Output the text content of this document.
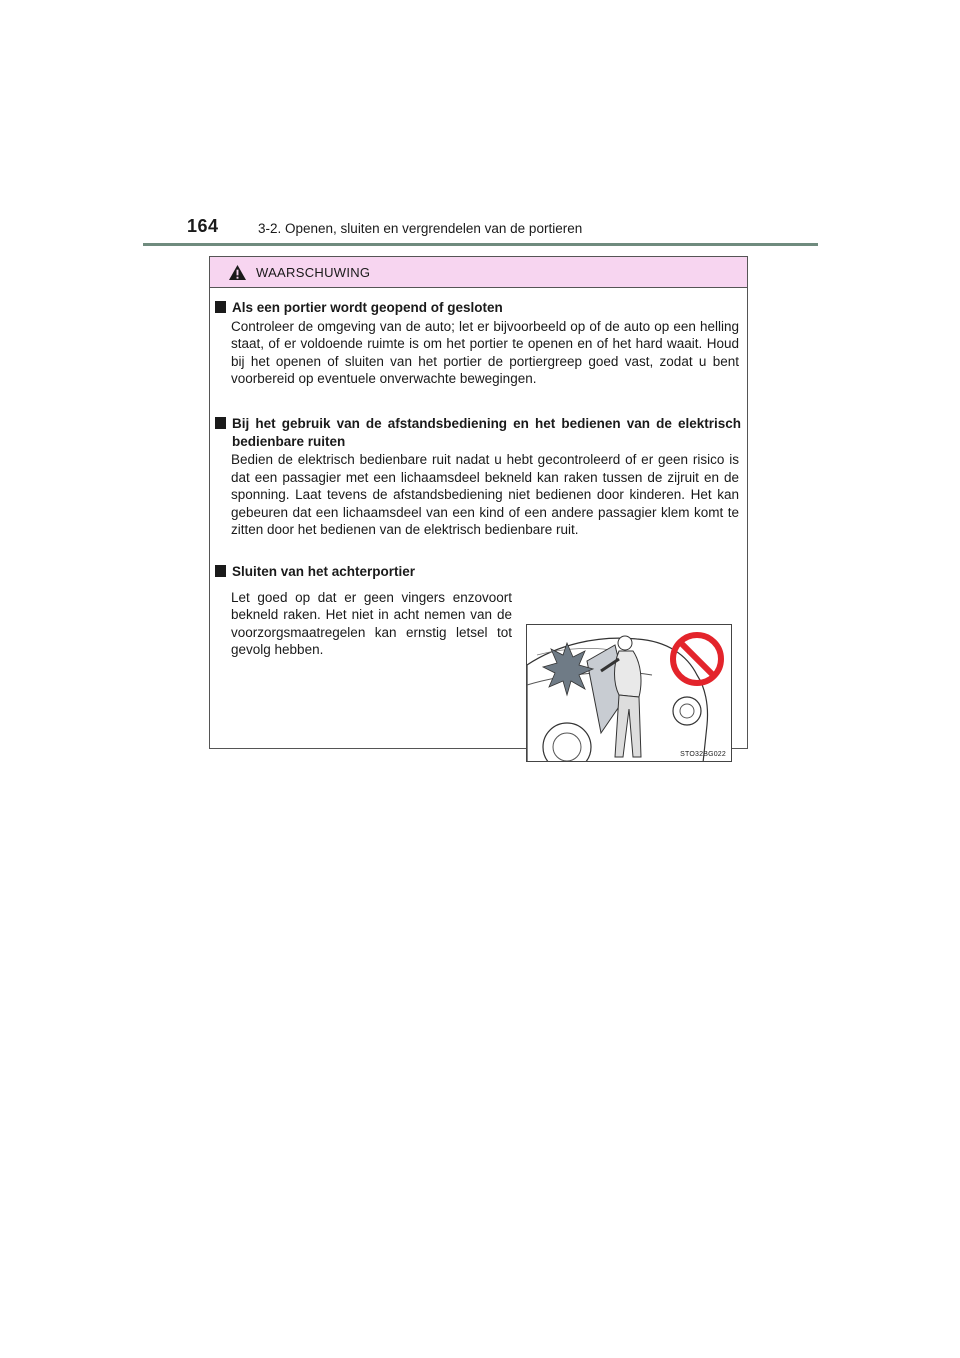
164	3-2. Openen, sluiten en vergrendelen van de portieren
WAARSCHUWING
Als een portier wordt geopend of gesloten
Controleer de omgeving van de auto; let er bijvoorbeeld op of de auto op een helling staat, of er voldoende ruimte is om het portier te openen en of het hard waait. Houd bij het openen of sluiten van het portier de portiergreep goed vast, zodat u bent voorbereid op eventuele onverwachte bewegingen.
Bij het gebruik van de afstandsbediening en het bedienen van de elektrisch bedienbare ruiten
Bedien de elektrisch bedienbare ruit nadat u hebt gecontroleerd of er geen risico is dat een passagier met een lichaamsdeel bekneld kan raken tussen de zijruit en de sponning. Laat tevens de afstandsbediening niet bedienen door kinderen. Het kan gebeuren dat een lichaamsdeel van een kind of een andere passagier klem komt te zitten door het bedienen van de elektrisch bedienbare ruit.
Sluiten van het achterportier
Let goed op dat er geen vingers enzovoort bekneld raken. Het niet in acht nemen van de voorzorgsmaatregelen kan ernstig letsel tot gevolg hebben.
STO32BG022
